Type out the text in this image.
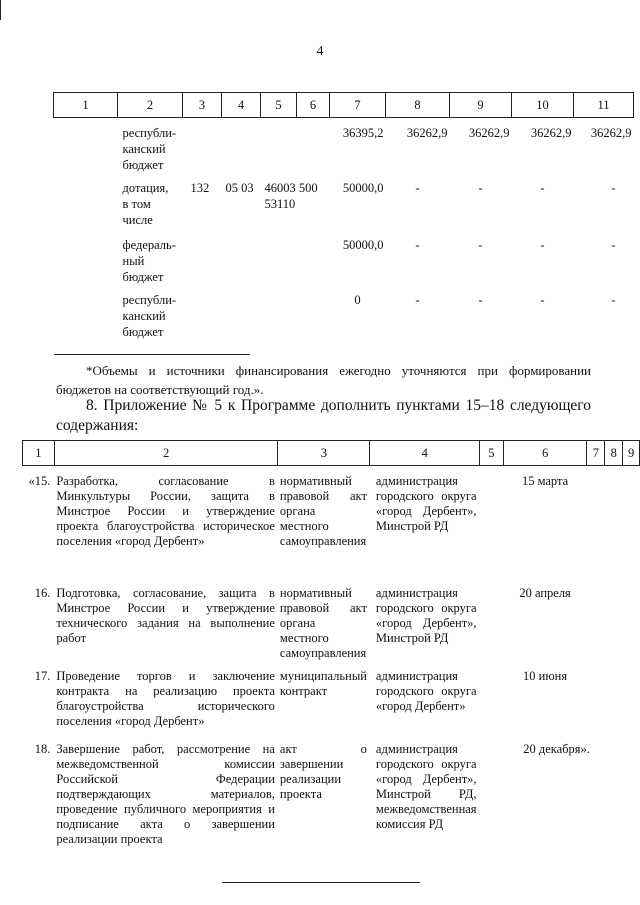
4
1	2	3	4	5	6	7	8	9	10	11
	республи-
канский
бюджет					36395,2	36262,9	36262,9	36262,9	36262,9
	дотация,
в том
числе	132	05 03	46003 500
53110		50000,0	-	-	-	-
	федераль-
ный
бюджет					50000,0	-	-	-	-
	республи-
канский
бюджет					0	-	-	-	-
*Объемы и источники финансирования ежегодно уточняются при формировании бюджетов на соответствующий год.».
8. Приложение № 5 к Программе дополнить пунктами 15–18 следующего содержания:
1	2	3	4	5	6	7	8	9
«15.	Разработка, согласование в Минкультуры России, защита в Минстрое России и утверждение проекта благоустройства историческое поселения «город Дербент»	нормативный правовой акт органа местного самоуправления	администрация городского округа «город Дербент», Минстрой РД		15 марта			
16.	Подготовка, согласование, защита в Минстрое России и утверждение технического задания на выполнение работ	нормативный правовой акт органа местного самоуправления	администрация городского округа «город Дербент», Минстрой РД		20 апреля			
17.	Проведение торгов и заключение контракта на реализацию проекта благоустройства исторического поселения «город Дербент»	муниципальный контракт	администрация городского округа «город Дербент»		10 июня			
18.	Завершение работ, рассмотрение на межведомственной комиссии Российской Федерации подтверждающих материалов, проведение публичного мероприятия и подписание акта о завершении реализации проекта	акт о завершении реализации проекта	администрация городского округа «город Дербент», Минстрой РД, межведомственная комиссия РД		20 декабря».			
